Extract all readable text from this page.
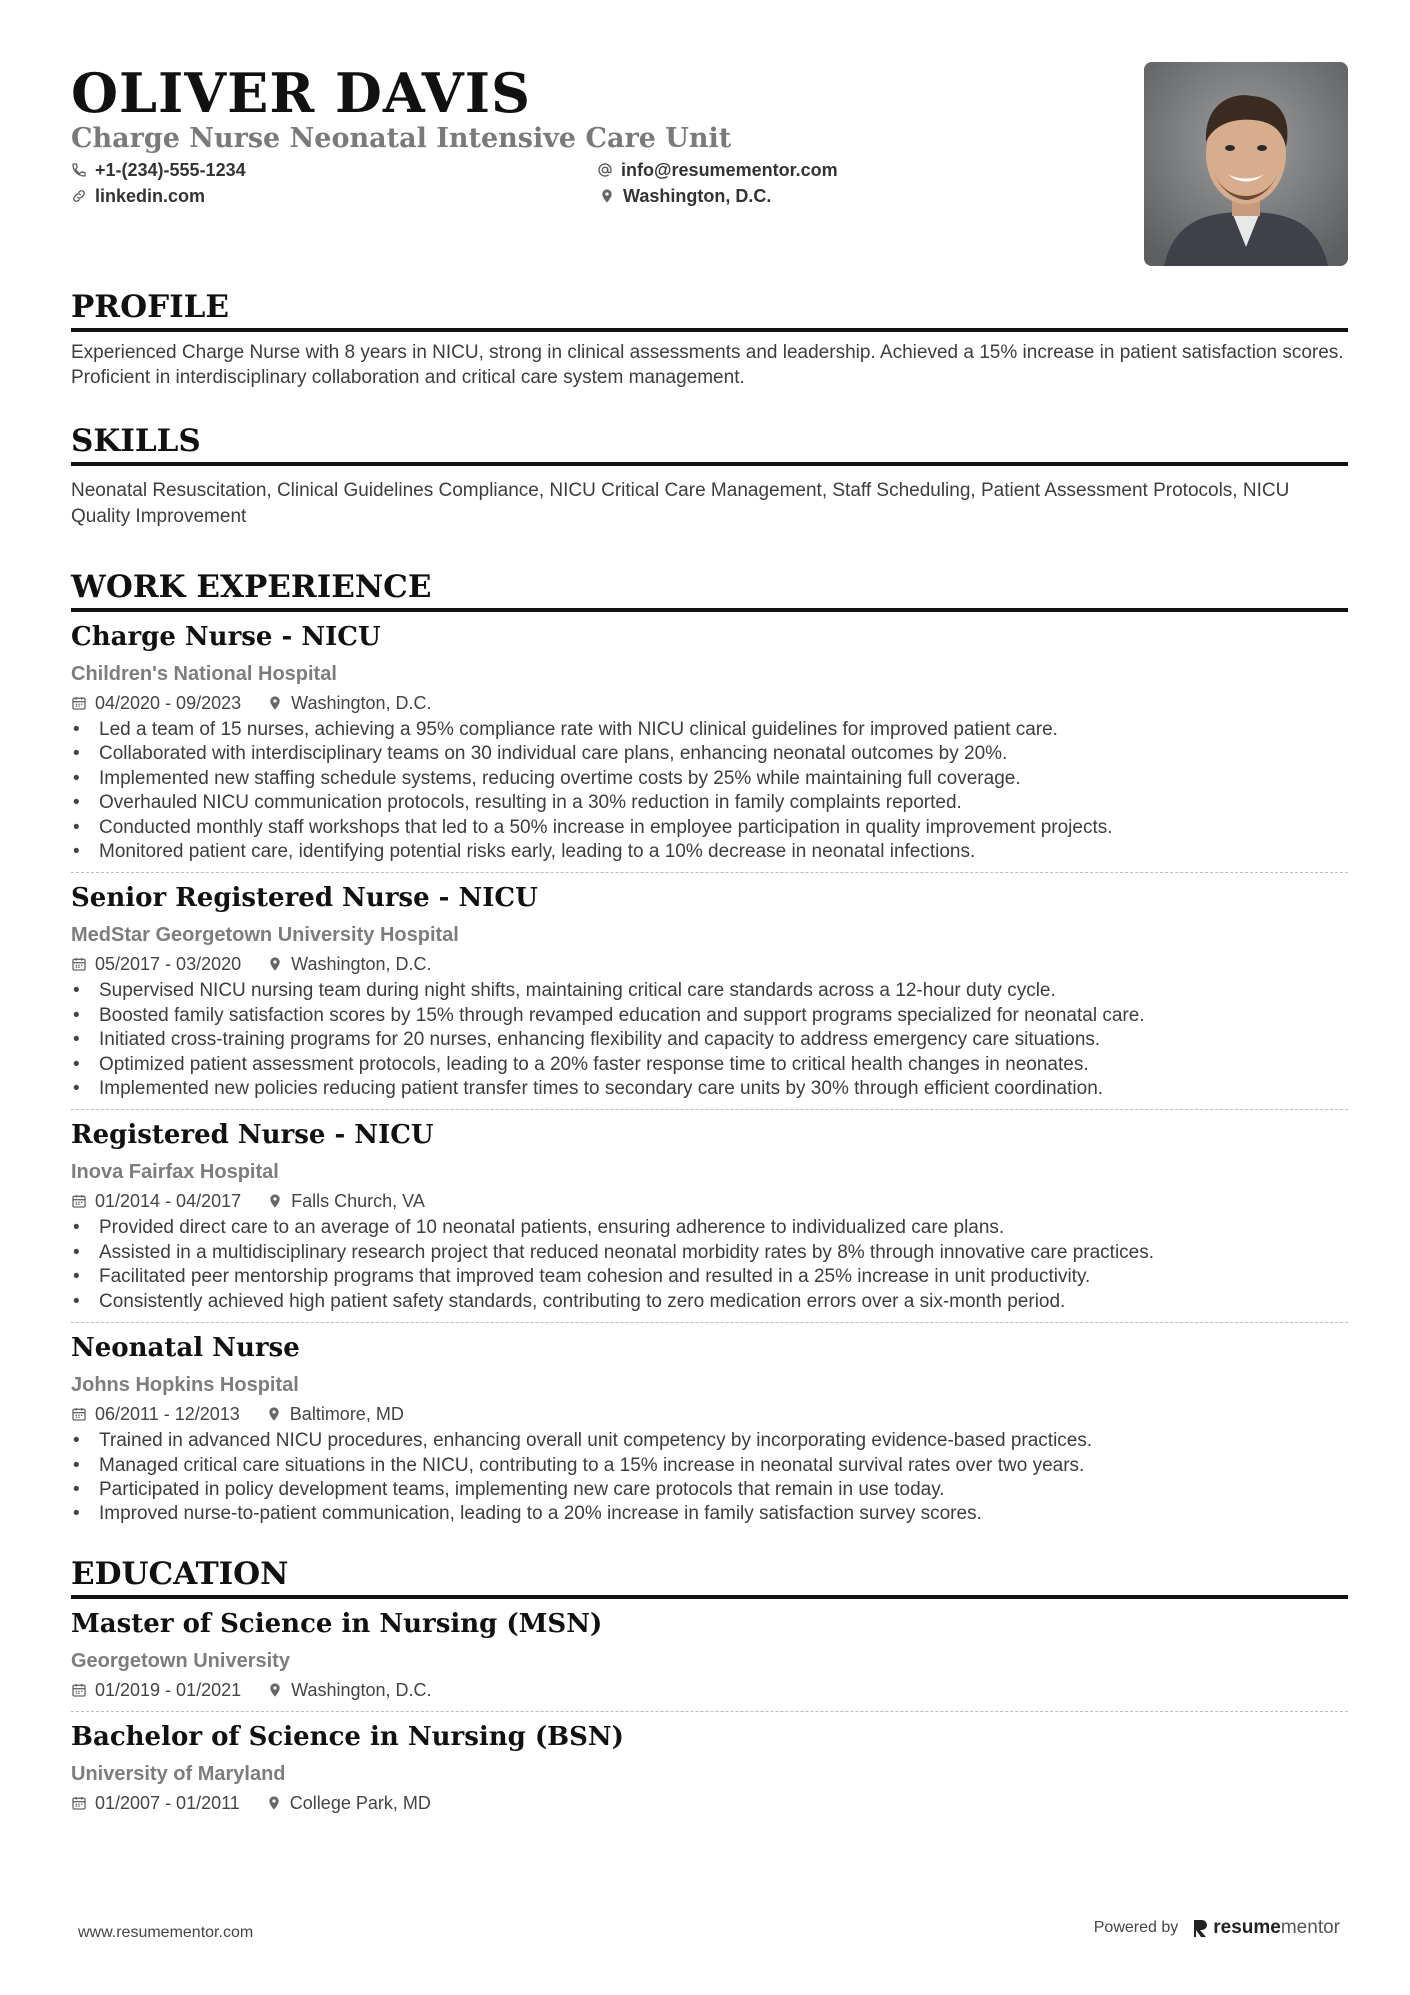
OLIVER DAVIS
Charge Nurse Neonatal Intensive Care Unit
+1-(234)-555-1234	info@resumementor.com
linkedin.com	Washington, D.C.
PROFILE

Experienced Charge Nurse with 8 years in NICU, strong in clinical assessments and leadership. Achieved a 15% increase in patient satisfaction scores. Proficient in interdisciplinary collaboration and critical care system management.

SKILLS

Neonatal Resuscitation, Clinical Guidelines Compliance, NICU Critical Care Management, Staff Scheduling, Patient Assessment Protocols, NICU Quality Improvement

WORK EXPERIENCE
Charge Nurse - NICU
Children's National Hospital
04/2020 - 09/2023	Washington, D.C.
• Led a team of 15 nurses, achieving a 95% compliance rate with NICU clinical guidelines for improved patient care.
• Collaborated with interdisciplinary teams on 30 individual care plans, enhancing neonatal outcomes by 20%.
• Implemented new staffing schedule systems, reducing overtime costs by 25% while maintaining full coverage.
• Overhauled NICU communication protocols, resulting in a 30% reduction in family complaints reported.
• Conducted monthly staff workshops that led to a 50% increase in employee participation in quality improvement projects.
• Monitored patient care, identifying potential risks early, leading to a 10% decrease in neonatal infections.
Senior Registered Nurse - NICU
MedStar Georgetown University Hospital
05/2017 - 03/2020	Washington, D.C.
• Supervised NICU nursing team during night shifts, maintaining critical care standards across a 12-hour duty cycle.
• Boosted family satisfaction scores by 15% through revamped education and support programs specialized for neonatal care.
• Initiated cross-training programs for 20 nurses, enhancing flexibility and capacity to address emergency care situations.
• Optimized patient assessment protocols, leading to a 20% faster response time to critical health changes in neonates.
• Implemented new policies reducing patient transfer times to secondary care units by 30% through efficient coordination.
Registered Nurse - NICU
Inova Fairfax Hospital
01/2014 - 04/2017	Falls Church, VA
• Provided direct care to an average of 10 neonatal patients, ensuring adherence to individualized care plans.
• Assisted in a multidisciplinary research project that reduced neonatal morbidity rates by 8% through innovative care practices.
• Facilitated peer mentorship programs that improved team cohesion and resulted in a 25% increase in unit productivity.
• Consistently achieved high patient safety standards, contributing to zero medication errors over a six-month period.
Neonatal Nurse
Johns Hopkins Hospital
06/2011 - 12/2013	Baltimore, MD
• Trained in advanced NICU procedures, enhancing overall unit competency by incorporating evidence-based practices.
• Managed critical care situations in the NICU, contributing to a 15% increase in neonatal survival rates over two years.
• Participated in policy development teams, implementing new care protocols that remain in use today.
• Improved nurse-to-patient communication, leading to a 20% increase in family satisfaction survey scores.
EDUCATION
Master of Science in Nursing (MSN)
Georgetown University
01/2019 - 01/2021	Washington, D.C.
Bachelor of Science in Nursing (BSN)
University of Maryland
01/2007 - 01/2011	College Park, MD
www.resumementor.com	Powered by resume mentor
